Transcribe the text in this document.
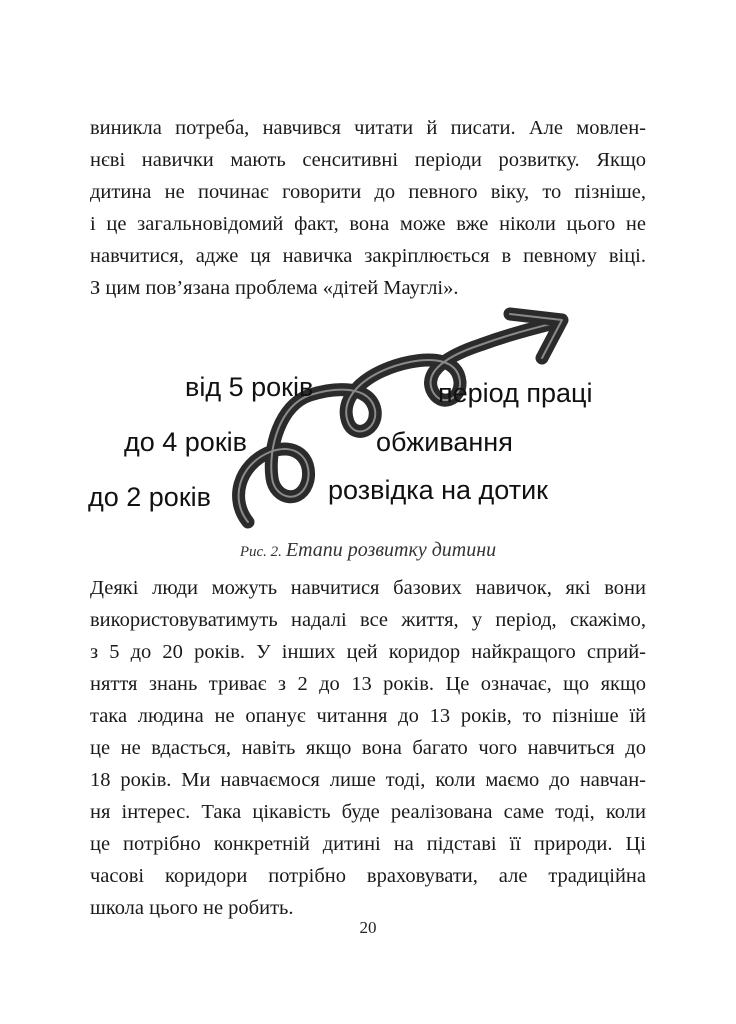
виникла потреба, навчився читати й писати. Але мовлен-
нєві навички мають сенситивні періоди розвитку. Якщо
дитина не починає говорити до певного віку, то пізніше,
і це загальновідомий факт, вона може вже ніколи цього не
навчитися, адже ця навичка закріплюється в певному віці.
З цим пов’язана проблема «дітей Мауглі».

від 5 років
до 4 років
до 2 років
період праці
обживання
розвідка на дотик
Рис. 2. Етапи розвитку дитини

Деякі люди можуть навчитися базових навичок, які вони
використовуватимуть надалі все життя, у період, скажімо,
з 5 до 20 років. У інших цей коридор найкращого сприй-
няття знань триває з 2 до 13 років. Це означає, що якщо
така людина не опанує читання до 13 років, то пізніше їй
це не вдасться, навіть якщо вона багато чого навчиться до
18 років. Ми навчаємося лише тоді, коли маємо до навчан-
ня інтерес. Така цікавість буде реалізована саме тоді, коли
це потрібно конкретній дитині на підставі її природи. Ці
часові коридори потрібно враховувати, але традиційна
школа цього не робить.

20
